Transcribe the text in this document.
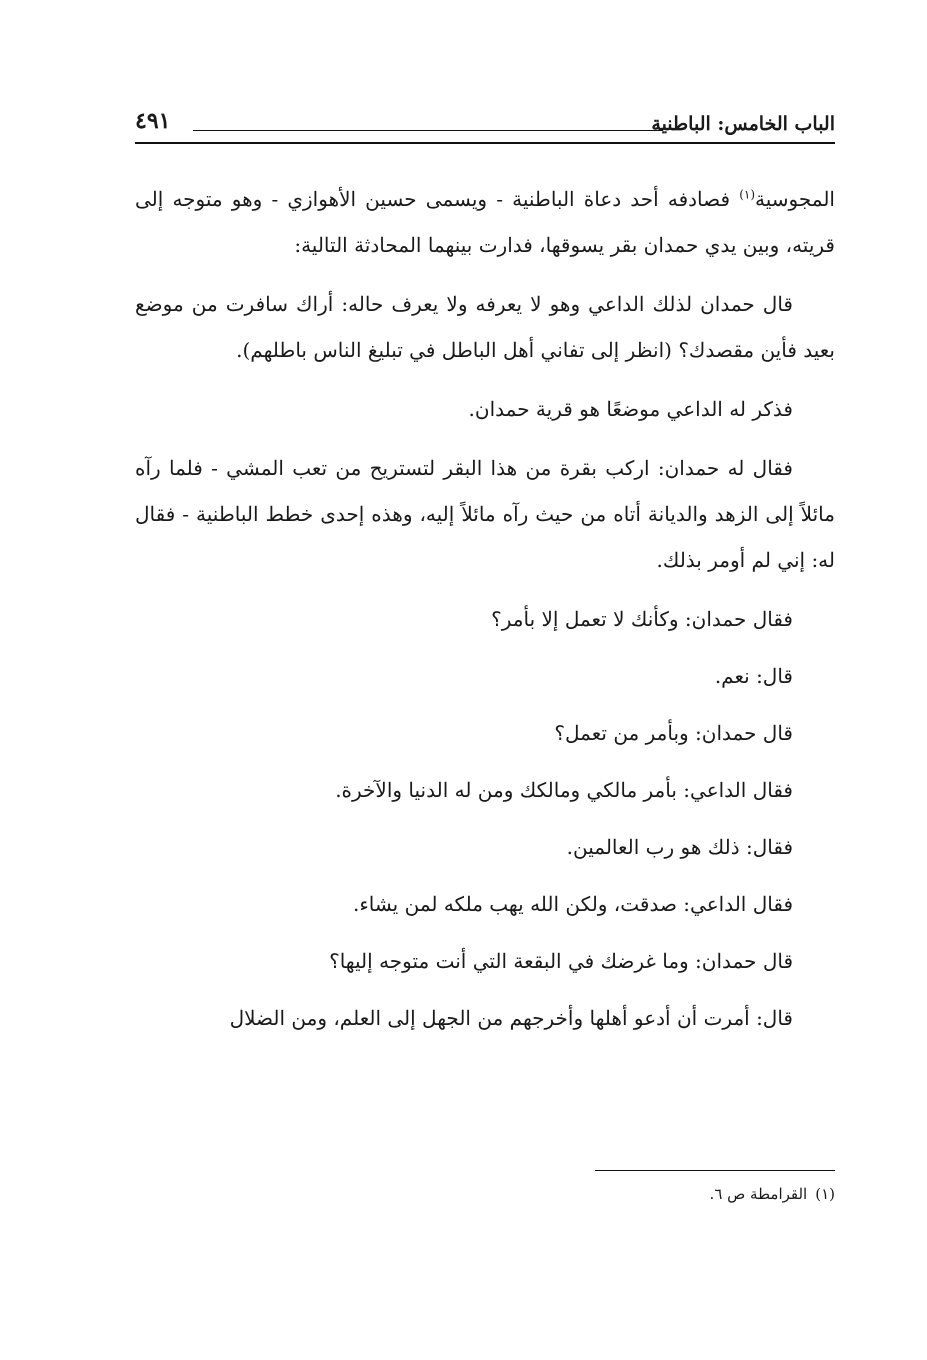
الباب الخامس: الباطنية
٤٩١

المجوسية$^{(١)}$ فصادفه أحد دعاة الباطنية - ويسمى حسين الأهوازي - وهو متوجه إلى قريته، وبين يدي حمدان بقر يسوقها، فدارت بينهما المحادثة التالية:

قال حمدان لذلك الداعي وهو لا يعرفه ولا يعرف حاله: أراك سافرت من موضع بعيد فأين مقصدك؟ (انظر إلى تفاني أهل الباطل في تبليغ الناس باطلهم).

فذكر له الداعي موضعًا هو قرية حمدان.

فقال له حمدان: اركب بقرة من هذا البقر لتستريح من تعب المشي - فلما رآه مائلاً إلى الزهد والديانة أتاه من حيث رآه مائلاً إليه، وهذه إحدى خطط الباطنية - فقال له: إني لم أومر بذلك.

فقال حمدان: وكأنك لا تعمل إلا بأمر؟

قال: نعم.

قال حمدان: وبأمر من تعمل؟

فقال الداعي: بأمر مالكي ومالكك ومن له الدنيا والآخرة.

فقال: ذلك هو رب العالمين.

فقال الداعي: صدقت، ولكن الله يهب ملكه لمن يشاء.

قال حمدان: وما غرضك في البقعة التي أنت متوجه إليها؟

قال: أمرت أن أدعو أهلها وأخرجهم من الجهل إلى العلم، ومن الضلال

(١)القرامطة ص ٦.
